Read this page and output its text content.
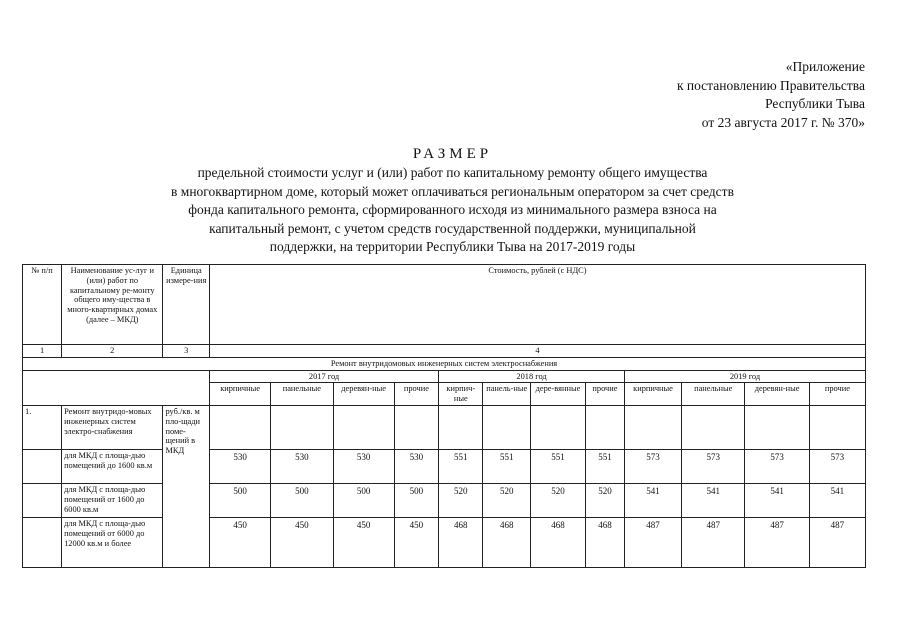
«Приложение
к постановлению Правительства
Республики Тыва
от 23 августа 2017 г. № 370»
РАЗМЕР
предельной стоимости услуг и (или) работ по капитальному ремонту общего имущества
в многоквартирном доме, который может оплачиваться региональным оператором за счет средств
фонда капитального ремонта, сформированного исходя из минимального размера взноса на
капитальный ремонт, с учетом средств государственной поддержки, муниципальной
поддержки, на территории Республики Тыва на 2017-2019 годы
№ п/п	Наименование ус-луг и (или) работ по капитальному ре-монту общего иму-щества в много-квартирных домах (далее – МКД)	Единица измере-ния	Стоимость, рублей (с НДС)											
1	2	3	4											
Ремонт внутридомовых инженерных систем электроснабжения														
			2017 год				2018 год				2019 год			
			кирпичные	панельные	деревян-ные	прочие	кирпич-ные	панель-ные	дере-вянные	прочие	кирпичные	панельные	деревян-ные	прочие
1.	Ремонт внутридо-мовых инженерных систем электро-снабжения	руб./кв. м пло-щади поме-щений в МКД												
	для МКД с площа-дью помещений до 1600 кв.м		530	530	530	530	551	551	551	551	573	573	573	573
	для МКД с площа-дью помещений от 1600 до 6000 кв.м		500	500	500	500	520	520	520	520	541	541	541	541
	для МКД с площа-дью помещений от 6000 до 12000 кв.м и более		450	450	450	450	468	468	468	468	487	487	487	487
